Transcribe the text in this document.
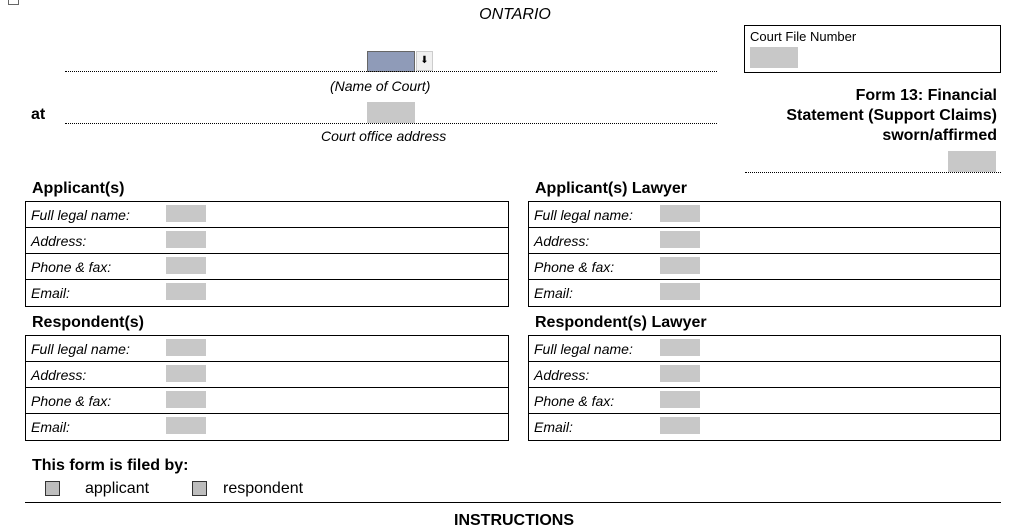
ONTARIO
⬇
(Name of Court)
at
Court office address
Court File Number
Form 13: Financial
Statement (Support Claims)
sworn/affirmed
Applicant(s)
Full legal name:
Address:
Phone & fax:
Email:
Applicant(s) Lawyer
Full legal name:
Address:
Phone & fax:
Email:
Respondent(s)
Full legal name:
Address:
Phone & fax:
Email:
Respondent(s) Lawyer
Full legal name:
Address:
Phone & fax:
Email:
This form is filed by:
applicant	respondent
INSTRUCTIONS
